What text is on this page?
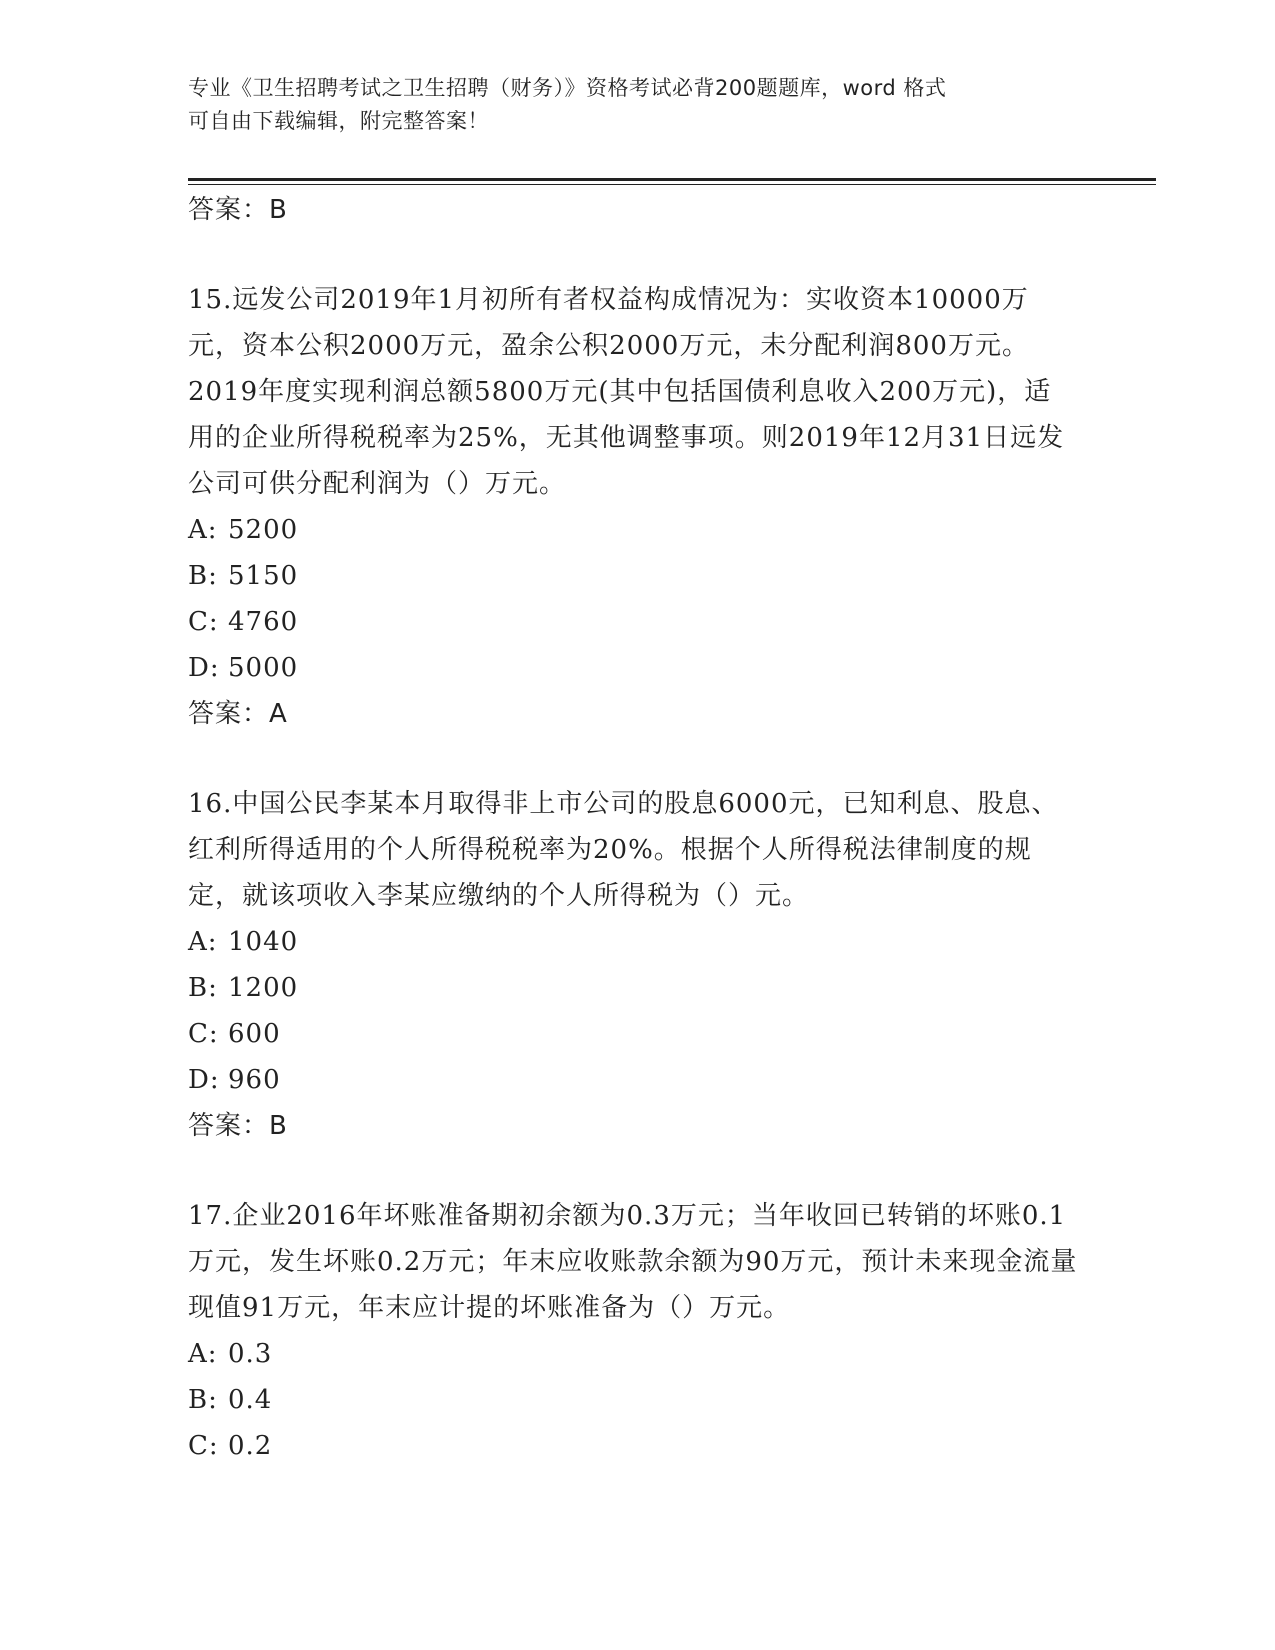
专业《卫生招聘考试之卫生招聘（财务）》资格考试必背200题题库，word 格式
可自由下载编辑，附完整答案！
答案：B
15.远发公司2019年1月初所有者权益构成情况为：实收资本10000万元，资本公积2000万元，盈余公积2000万元，未分配利润800万元。2019年度实现利润总额5800万元(其中包括国债利息收入200万元)，适用的企业所得税税率为25%，无其他调整事项。则2019年12月31日远发公司可供分配利润为（）万元。
A: 5200
B: 5150
C: 4760
D: 5000
答案：A
16.中国公民李某本月取得非上市公司的股息6000元，已知利息、股息、红利所得适用的个人所得税税率为20%。根据个人所得税法律制度的规定，就该项收入李某应缴纳的个人所得税为（）元。
A: 1040
B: 1200
C: 600
D: 960
答案：B
17.企业2016年坏账准备期初余额为0.3万元；当年收回已转销的坏账0.1万元，发生坏账0.2万元；年末应收账款余额为90万元，预计未来现金流量现值91万元，年末应计提的坏账准备为（）万元。
A: 0.3
B: 0.4
C: 0.2
